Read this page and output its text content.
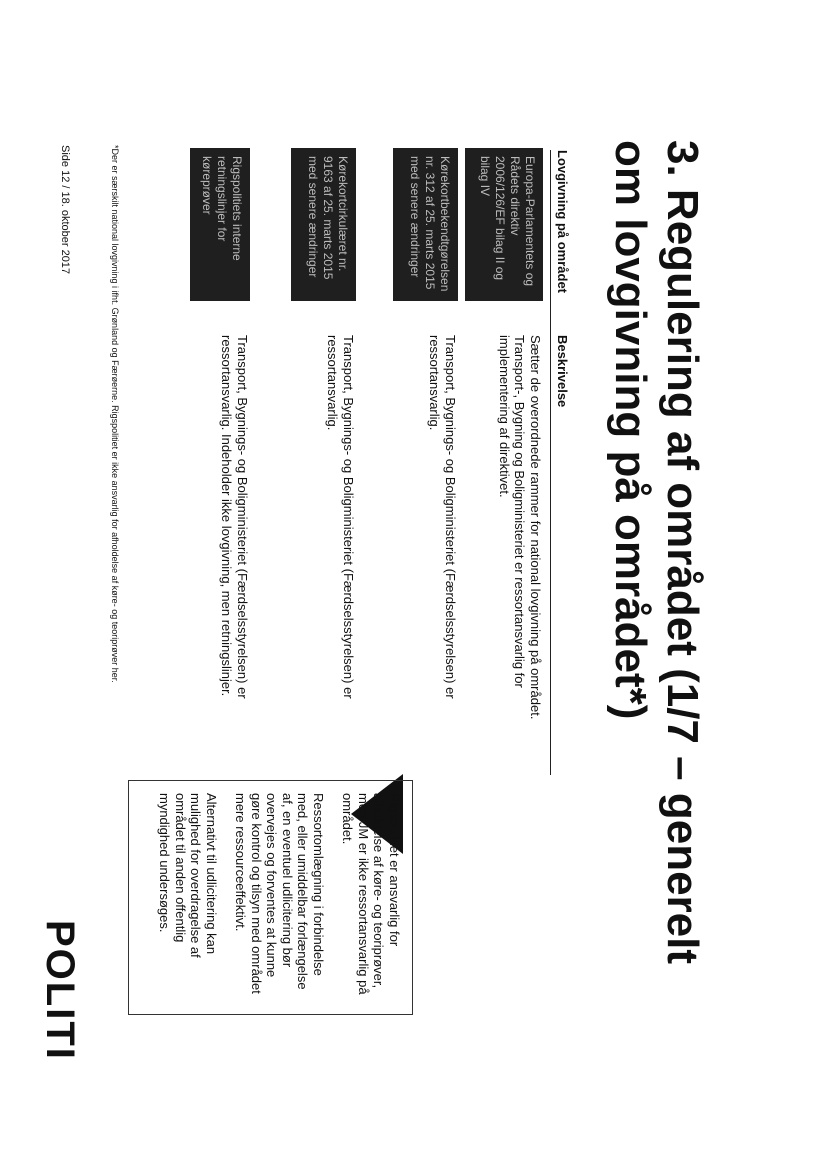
3. Regulering af området (1/7 – generelt om lovgivning på området*)
Lovgivning på området
Beskrivelse
Europa-Parlamentets og Rådets direktiv 2006/126/EF bilag II og bilag IV
Sætter de overordnede rammer for national lovgivning på området. Transport-, Bygning og Boligministeriet er ressortansvarlig for implementering af direktivet.
Kørekortbekendtgørelsen nr. 312 af 25. marts 2015 med senere ændringer
Transport, Bygnings- og Boligministeriet (Færdselsstyrelsen) er ressortansvarlig.
Kørekortcirkulæret nr. 9163 af 25. marts 2015 med senere ændringer
Transport, Bygnings- og Boligministeriet (Færdselsstyrelsen) er ressortansvarlig.
Rigspolitiets interne retningslinjer for køreprøver
Transport, Bygnings- og Boligministeriet (Færdselsstyrelsen) er ressortansvarlig. Indeholder ikke lovgivning, men retningslinjer.

Rigspolitiet er ansvarlig for afholdelse af køre- og teoriprøver, men JM er ikke ressortansvarlig på området.

Ressortomlægning i forbindelse med, eller umiddelbar forlængelse af, en eventuel udlicitering bør overvejes og forventes at kunne gøre kontrol og tilsyn med området mere ressourceeffektivt.

Alternativt til udlicitering kan mulighed for overdragelse af området til anden offentlig myndighed undersøges.

*Der er særskilt national lovgivning i ifht. Grønland og Færøerne. Rigspolitiet er ikke ansvarlig for afholdelse af køre- og teoriprøver her.
Side 12 / 18. oktober 2017
POLITI
